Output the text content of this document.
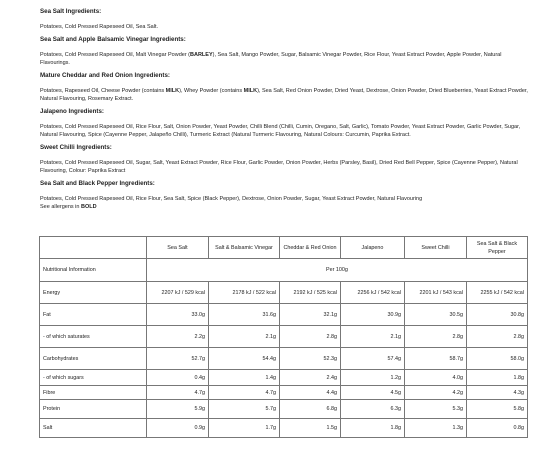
Sea Salt Ingredients:

Potatoes, Cold Pressed Rapeseed Oil, Sea Salt.

Sea Salt and Apple Balsamic Vinegar Ingredients:

Potatoes, Cold Pressed Rapeseed Oil, Malt Vinegar Powder (BARLEY), Sea Salt, Mango Powder, Sugar, Balsamic Vinegar Powder, Rice Flour, Yeast Extract Powder, Apple Powder, Natural Flavourings.

Mature Cheddar and Red Onion Ingredients:

Potatoes, Rapeseed Oil, Cheese Powder (contains MILK), Whey Powder (contains MILK), Sea Salt, Red Onion Powder, Dried Yeast, Dextrose, Onion Powder, Dried Blueberries, Yeast Extract Powder, Natural Flavouring, Rosemary Extract.

Jalapeno Ingredients:

Potatoes, Cold Pressed Rapeseed Oil, Rice Flour, Salt, Onion Powder, Yeast Powder, Chilli Blend (Chilli, Cumin, Oregano, Salt, Garlic), Tomato Powder, Yeast Extract Powder, Garlic Powder, Sugar, Natural Flavouring, Spice (Cayenne Pepper, Jalapeño Chilli), Turmeric Extract (Natural Turmeric Flavouring, Natural Colours: Curcumin, Paprika Extract.

Sweet Chilli Ingredients:

Potatoes, Cold Pressed Rapeseed Oil, Sugar, Salt, Yeast Extract Powder, Rice Flour, Garlic Powder, Onion Powder, Herbs (Parsley, Basil), Dried Red Bell Pepper, Spice (Cayenne Pepper), Natural Flavouring, Colour: Paprika Extract

Sea Salt and Black Pepper Ingredients:

Potatoes, Cold Pressed Rapeseed Oil, Rice Flour, Sea Salt, Spice (Black Pepper), Dextrose, Onion Powder, Sugar, Yeast Extract Powder, Natural Flavouring

See allergens in BOLD

	Sea Salt	Salt & Balsamic Vinegar	Cheddar & Red Onion	Jalapeno	Sweet Chilli	Sea Salt & Black Pepper
Nutritional Information	Per 100g					
Energy	2207 kJ / 529 kcal	2178 kJ / 522 kcal	2192 kJ / 525 kcal	2256 kJ / 542 kcal	2201 kJ / 543 kcal	2255 kJ / 542 kcal
Fat	33.0g	31.6g	32.1g	30.9g	30.5g	30.8g
- of which saturates	2.2g	2.1g	2.8g	2.1g	2.8g	2.8g
Carbohydrates	52.7g	54.4g	52.3g	57.4g	58.7g	58.0g
- of which sugars	0.4g	1.4g	2.4g	1.2g	4.0g	1.8g
Fibre	4.7g	4.7g	4.4g	4.5g	4.2g	4.3g
Protein	5.9g	5.7g	6.8g	6.3g	5.3g	5.8g
Salt	0.9g	1.7g	1.5g	1.8g	1.3g	0.8g
